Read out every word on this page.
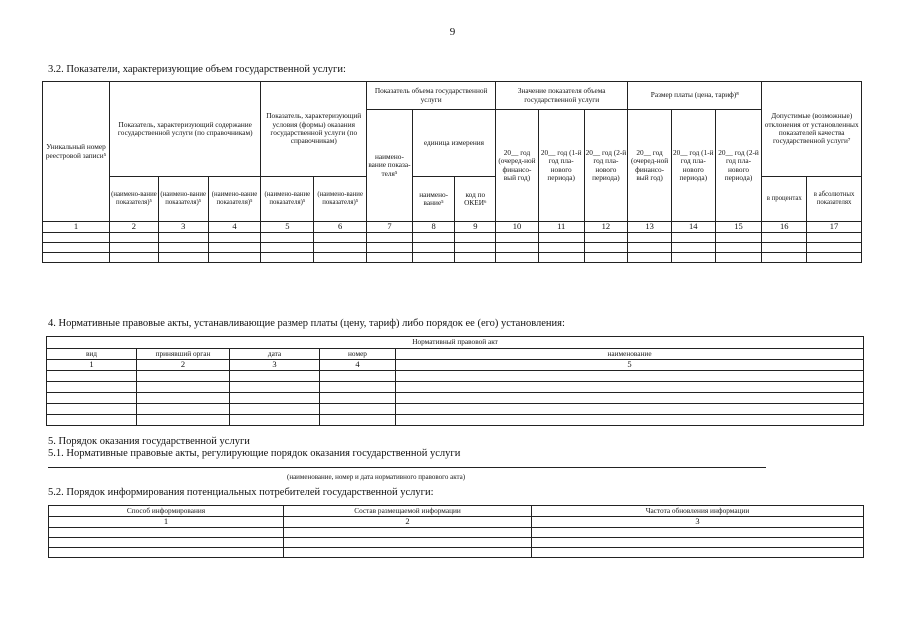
9
3.2. Показатели, характеризующие объем государственной услуги:
Уникальный номер реестровой записи⁵	Показатель, характеризующий содержание государственной услуги (по справочникам)			Показатель, характеризующий условия (формы) оказания государственной услуги (по справочникам)		Показатель объема государственной услуги			Значение показателя объема государственной услуги			Размер платы (цена, тариф)⁸			Допустимые (возможные) отклонения от установленных показателей качества государственной услуги⁷	
						наимено-вание показа-теля⁵	единица измерения		20__ год (очеред-ной финансо-вый год)	20__ год (1-й год пла-нового периода)	20__ год (2-й год пла-нового периода)	20__ год (очеред-ной финансо-вый год)	20__ год (1-й год пла-нового периода)	20__ год (2-й год пла-нового периода)		
	(наимено-вание показателя)⁵	(наимено-вание показателя)⁵	(наимено-вание показателя)⁵	(наимено-вание показателя)⁵	(наимено-вание показателя)⁵		наимено-вание⁵	код по ОКЕИ⁶							в процентах	в абсолютных показателях
1	2	3	4	5	6	7	8	9	10	11	12	13	14	15	16	17

4. Нормативные правовые акты, устанавливающие размер платы (цену, тариф) либо порядок ее (его) установления:
Нормативный правовой акт				
вид	принявший орган	дата	номер	наименование
1	2	3	4	5

5. Порядок оказания государственной услуги
5.1. Нормативные правовые акты, регулирующие порядок оказания государственной услуги
(наименование, номер и дата нормативного правового акта)
5.2. Порядок информирования потенциальных потребителей государственной услуги:
Способ информирования	Состав размещаемой информации	Частота обновления информации
1	2	3
